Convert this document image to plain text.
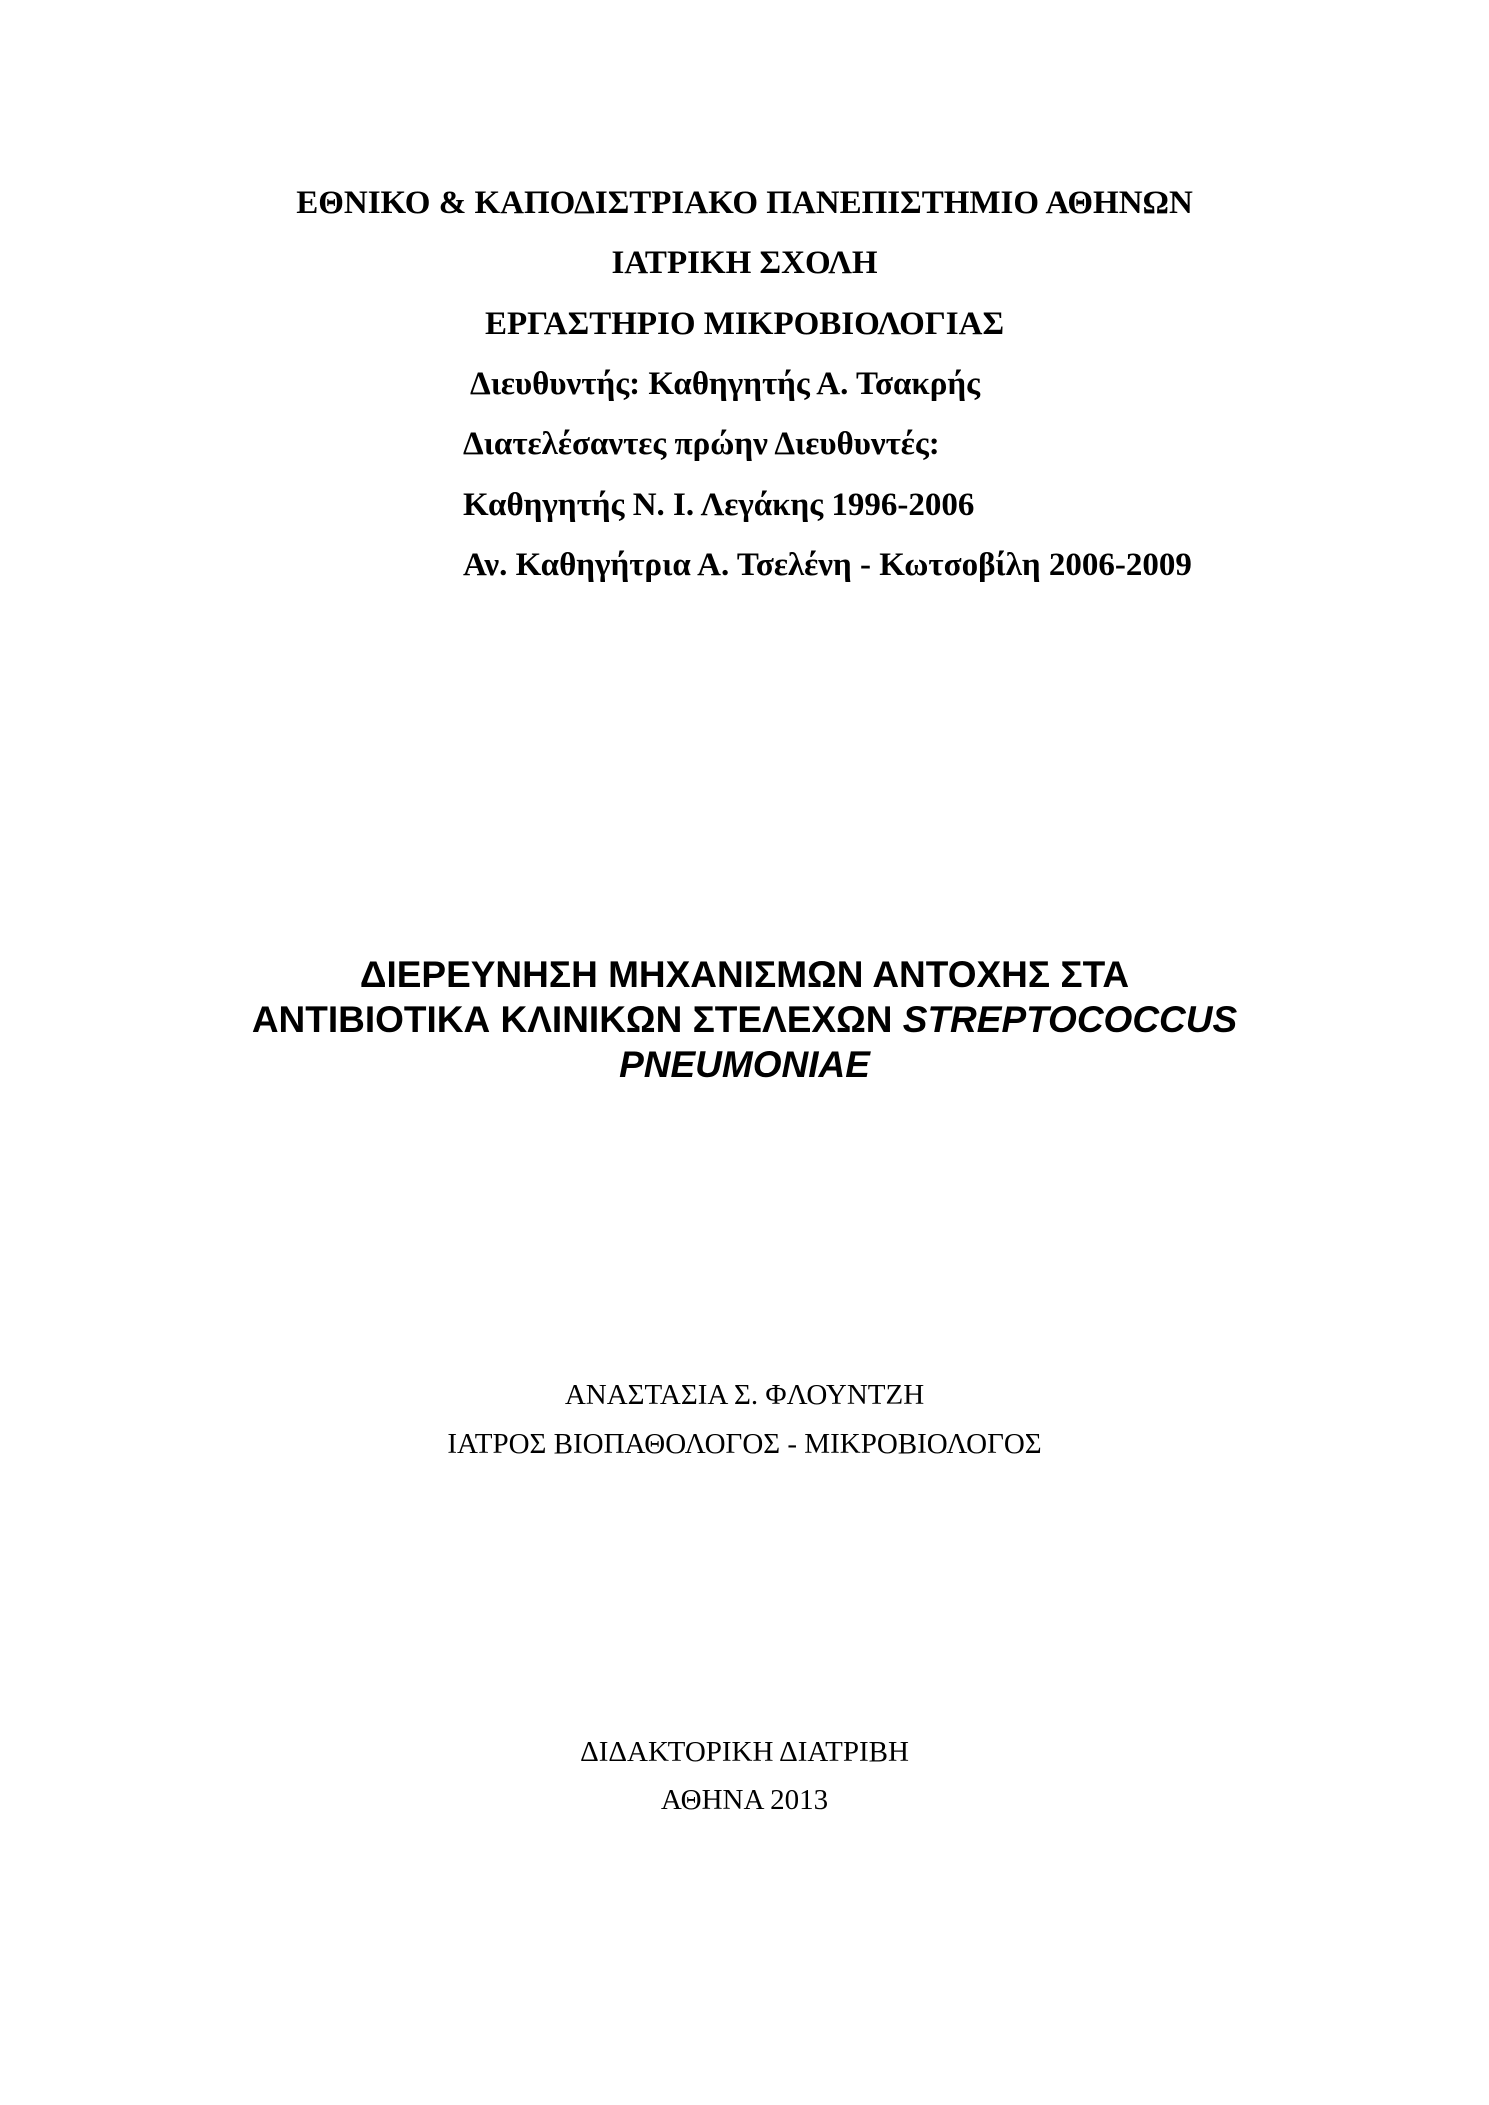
ΕΘΝΙΚΟ & ΚΑΠΟΔΙΣΤΡΙΑΚΟ ΠΑΝΕΠΙΣΤΗΜΙΟ ΑΘΗΝΩΝ

ΙΑΤΡΙΚΗ ΣΧΟΛΗ

ΕΡΓΑΣΤΗΡΙΟ ΜΙΚΡΟΒΙΟΛΟΓΙΑΣ

Διευθυντής: Καθηγητής Α. Τσακρής

Διατελέσαντες πρώην Διευθυντές:

Καθηγητής Ν. Ι. Λεγάκης 1996-2006

Αν. Καθηγήτρια Α. Τσελένη - Κωτσοβίλη 2006-2009

ΔΙΕΡΕΥΝΗΣΗ ΜΗΧΑΝΙΣΜΩΝ ΑΝΤΟΧΗΣ ΣΤΑ
ΑΝΤΙΒΙΟΤΙΚΑ ΚΛΙΝΙΚΩΝ ΣΤΕΛΕΧΩΝ STREPTOCOCCUS
PNEUMONIAE

ΑΝΑΣΤΑΣΙΑ Σ. ΦΛΟΥΝΤΖΗ

ΙΑΤΡΟΣ ΒΙΟΠΑΘΟΛΟΓΟΣ - ΜΙΚΡΟΒΙΟΛΟΓΟΣ

ΔΙΔΑΚΤΟΡΙΚΗ ΔΙΑΤΡΙΒΗ

ΑΘΗΝΑ 2013
